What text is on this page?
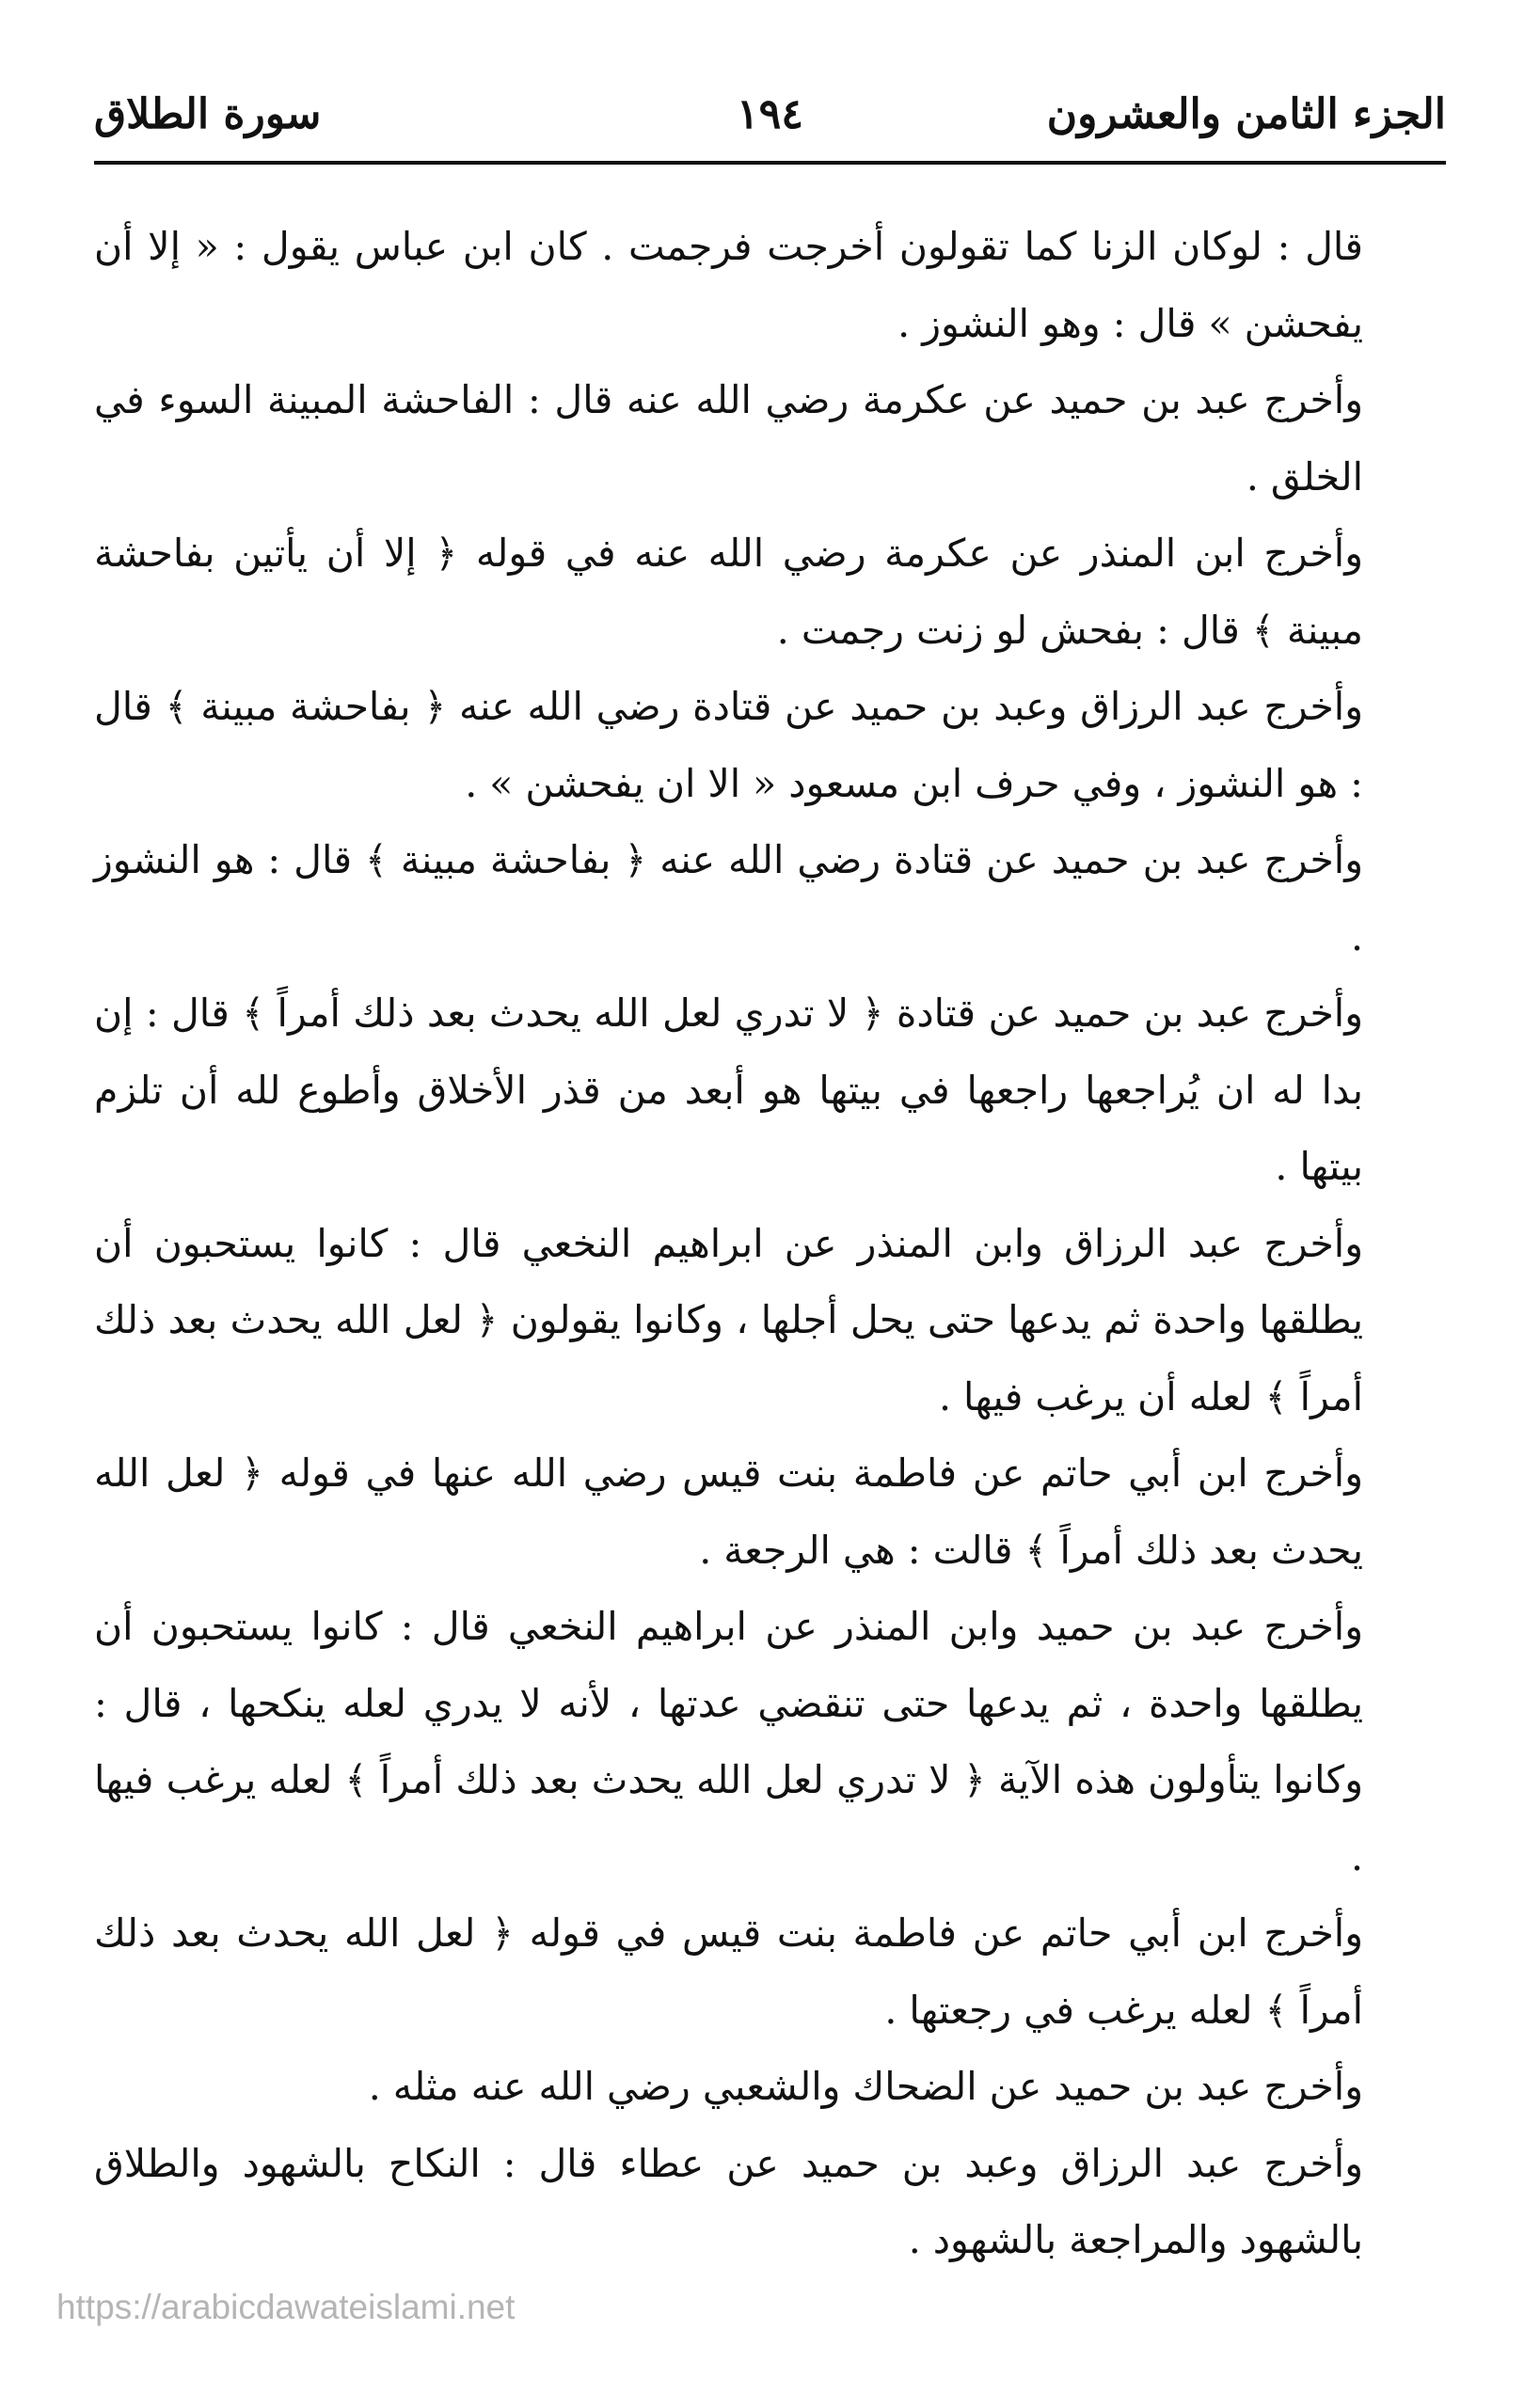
الجزء الثامن والعشرون
١٩٤
سورة الطلاق

قال : لوكان الزنا كما تقولون أخرجت فرجمت . كان ابن عباس يقول : « إلا أن يفحشن » قال : وهو النشوز .

وأخرج عبد بن حميد عن عكرمة رضي الله عنه قال : الفاحشة المبينة السوء في الخلق .

وأخرج ابن المنذر عن عكرمة رضي الله عنه في قوله ﴿ إلا أن يأتين بفاحشة مبينة ﴾ قال : بفحش لو زنت رجمت .

وأخرج عبد الرزاق وعبد بن حميد عن قتادة رضي الله عنه ﴿ بفاحشة مبينة ﴾ قال : هو النشوز ، وفي حرف ابن مسعود « الا ان يفحشن » .

وأخرج عبد بن حميد عن قتادة رضي الله عنه ﴿ بفاحشة مبينة ﴾ قال : هو النشوز .

وأخرج عبد بن حميد عن قتادة ﴿ لا تدري لعل الله يحدث بعد ذلك أمراً ﴾ قال : إن بدا له ان يُراجعها راجعها في بيتها هو أبعد من قذر الأخلاق وأطوع لله أن تلزم بيتها .

وأخرج عبد الرزاق وابن المنذر عن ابراهيم النخعي قال : كانوا يستحبون أن يطلقها واحدة ثم يدعها حتى يحل أجلها ، وكانوا يقولون ﴿ لعل الله يحدث بعد ذلك أمراً ﴾ لعله أن يرغب فيها .

وأخرج ابن أبي حاتم عن فاطمة بنت قيس رضي الله عنها في قوله ﴿ لعل الله يحدث بعد ذلك أمراً ﴾ قالت : هي الرجعة .

وأخرج عبد بن حميد وابن المنذر عن ابراهيم النخعي قال : كانوا يستحبون أن يطلقها واحدة ، ثم يدعها حتى تنقضي عدتها ، لأنه لا يدري لعله ينكحها ، قال : وكانوا يتأولون هذه الآية ﴿ لا تدري لعل الله يحدث بعد ذلك أمراً ﴾ لعله يرغب فيها .

وأخرج ابن أبي حاتم عن فاطمة بنت قيس في قوله ﴿ لعل الله يحدث بعد ذلك أمراً ﴾ لعله يرغب في رجعتها .

وأخرج عبد بن حميد عن الضحاك والشعبي رضي الله عنه مثله .

وأخرج عبد الرزاق وعبد بن حميد عن عطاء قال : النكاح بالشهود والطلاق بالشهود والمراجعة بالشهود .

https://arabicdawateislami.net
